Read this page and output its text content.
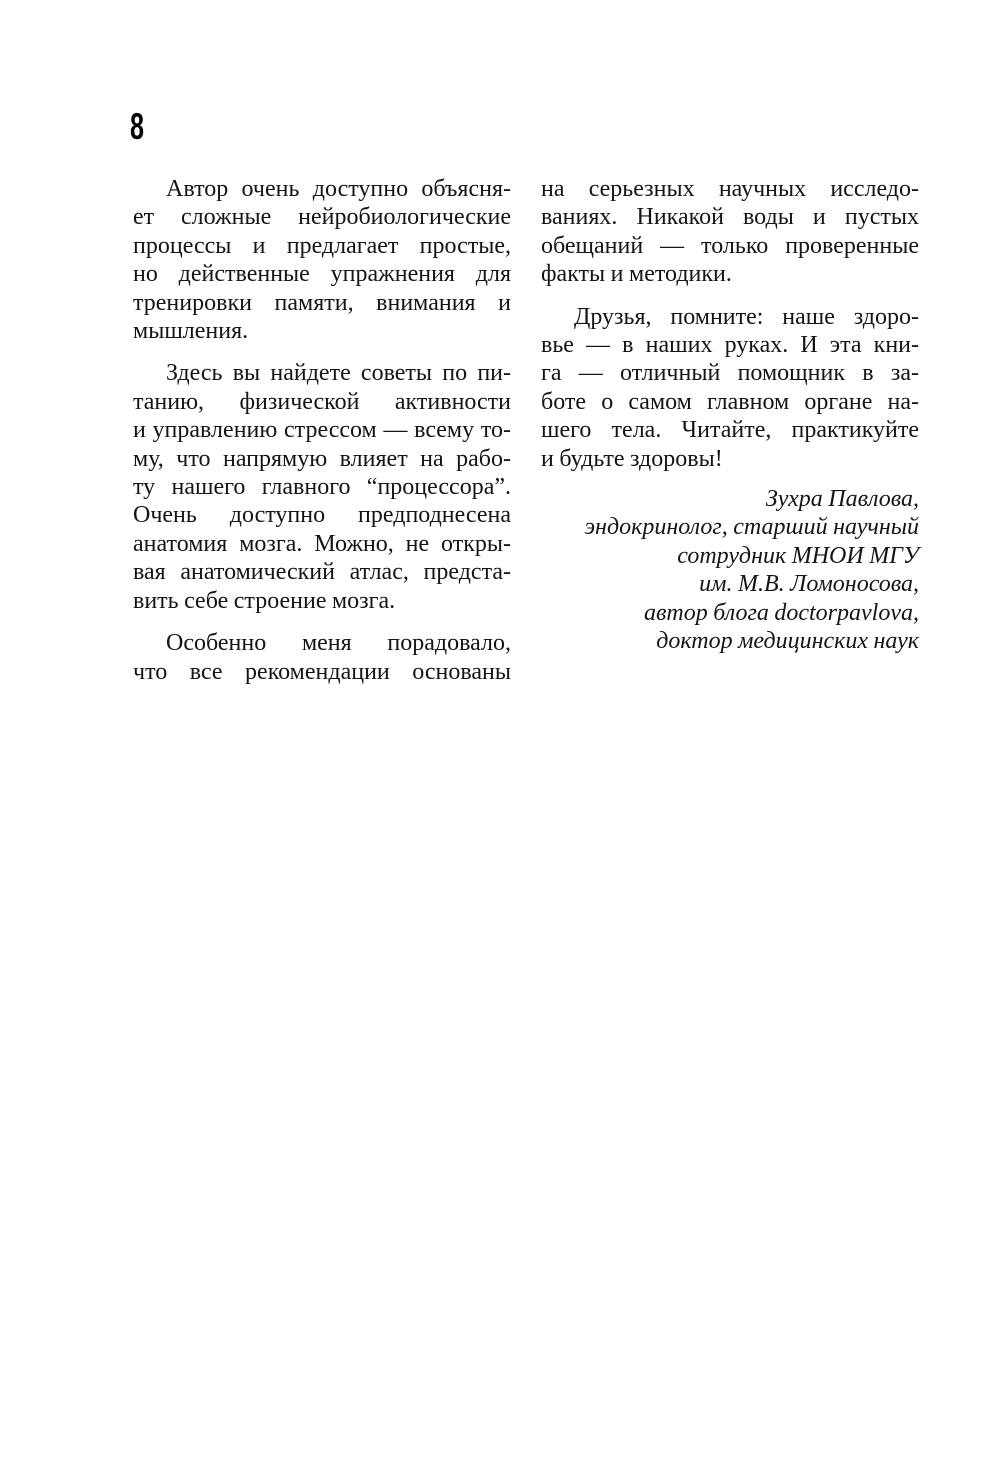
8
Автор очень доступно объясня-
ет сложные нейробиологические
процессы и предлагает простые,
но действенные упражнения для
тренировки памяти, внимания и
мышления.
Здесь вы найдете советы по пи-
танию, физической активности
и управлению стрессом — всему то-
му, что напрямую влияет на рабо-
ту нашего главного “процессора”.
Очень доступно предподнесена
анатомия мозга. Можно, не откры-
вая анатомический атлас, предста-
вить себе строение мозга.
Особенно меня порадовало,
что все рекомендации основаны
на серьезных научных исследо-
ваниях. Никакой воды и пустых
обещаний — только проверенные
факты и методики.
Друзья, помните: наше здоро-
вье — в наших руках. И эта кни-
га — отличный помощник в за-
боте о самом главном органе на-
шего тела. Читайте, практикуйте
и будьте здоровы!
Зухра Павлова,
эндокринолог, старший научный
сотрудник МНОИ МГУ
им. М.В. Ломоносова,
автор блога doctorpavlova,
доктор медицинских наук
